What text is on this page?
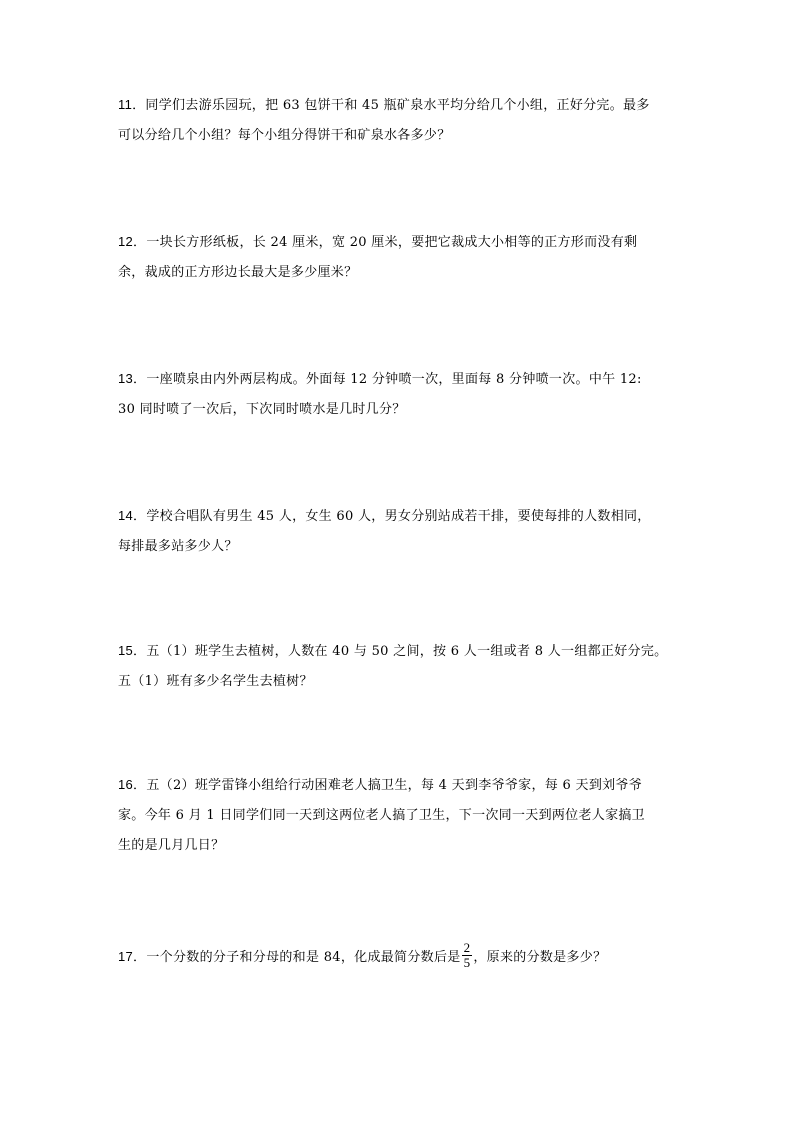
11．同学们去游乐园玩，把 63 包饼干和 45 瓶矿泉水平均分给几个小组，正好分完。最多
可以分给几个小组？每个小组分得饼干和矿泉水各多少？
12．一块长方形纸板，长 24 厘米，宽 20 厘米，要把它裁成大小相等的正方形而没有剩
余，裁成的正方形边长最大是多少厘米？
13．一座喷泉由内外两层构成。外面每 12 分钟喷一次，里面每 8 分钟喷一次。中午 12:
30 同时喷了一次后，下次同时喷水是几时几分？
14．学校合唱队有男生 45 人，女生 60 人，男女分别站成若干排，要使每排的人数相同，
每排最多站多少人？
15．五（1）班学生去植树，人数在 40 与 50 之间，按 6 人一组或者 8 人一组都正好分完。
五（1）班有多少名学生去植树？
16．五（2）班学雷锋小组给行动困难老人搞卫生，每 4 天到李爷爷家，每 6 天到刘爷爷
家。今年 6 月 1 日同学们同一天到这两位老人搞了卫生，下一次同一天到两位老人家搞卫
生的是几月几日？
17．一个分数的分子和分母的和是 84，化成最简分数后是 $\frac{2}{5}$ ，原来的分数是多少？
